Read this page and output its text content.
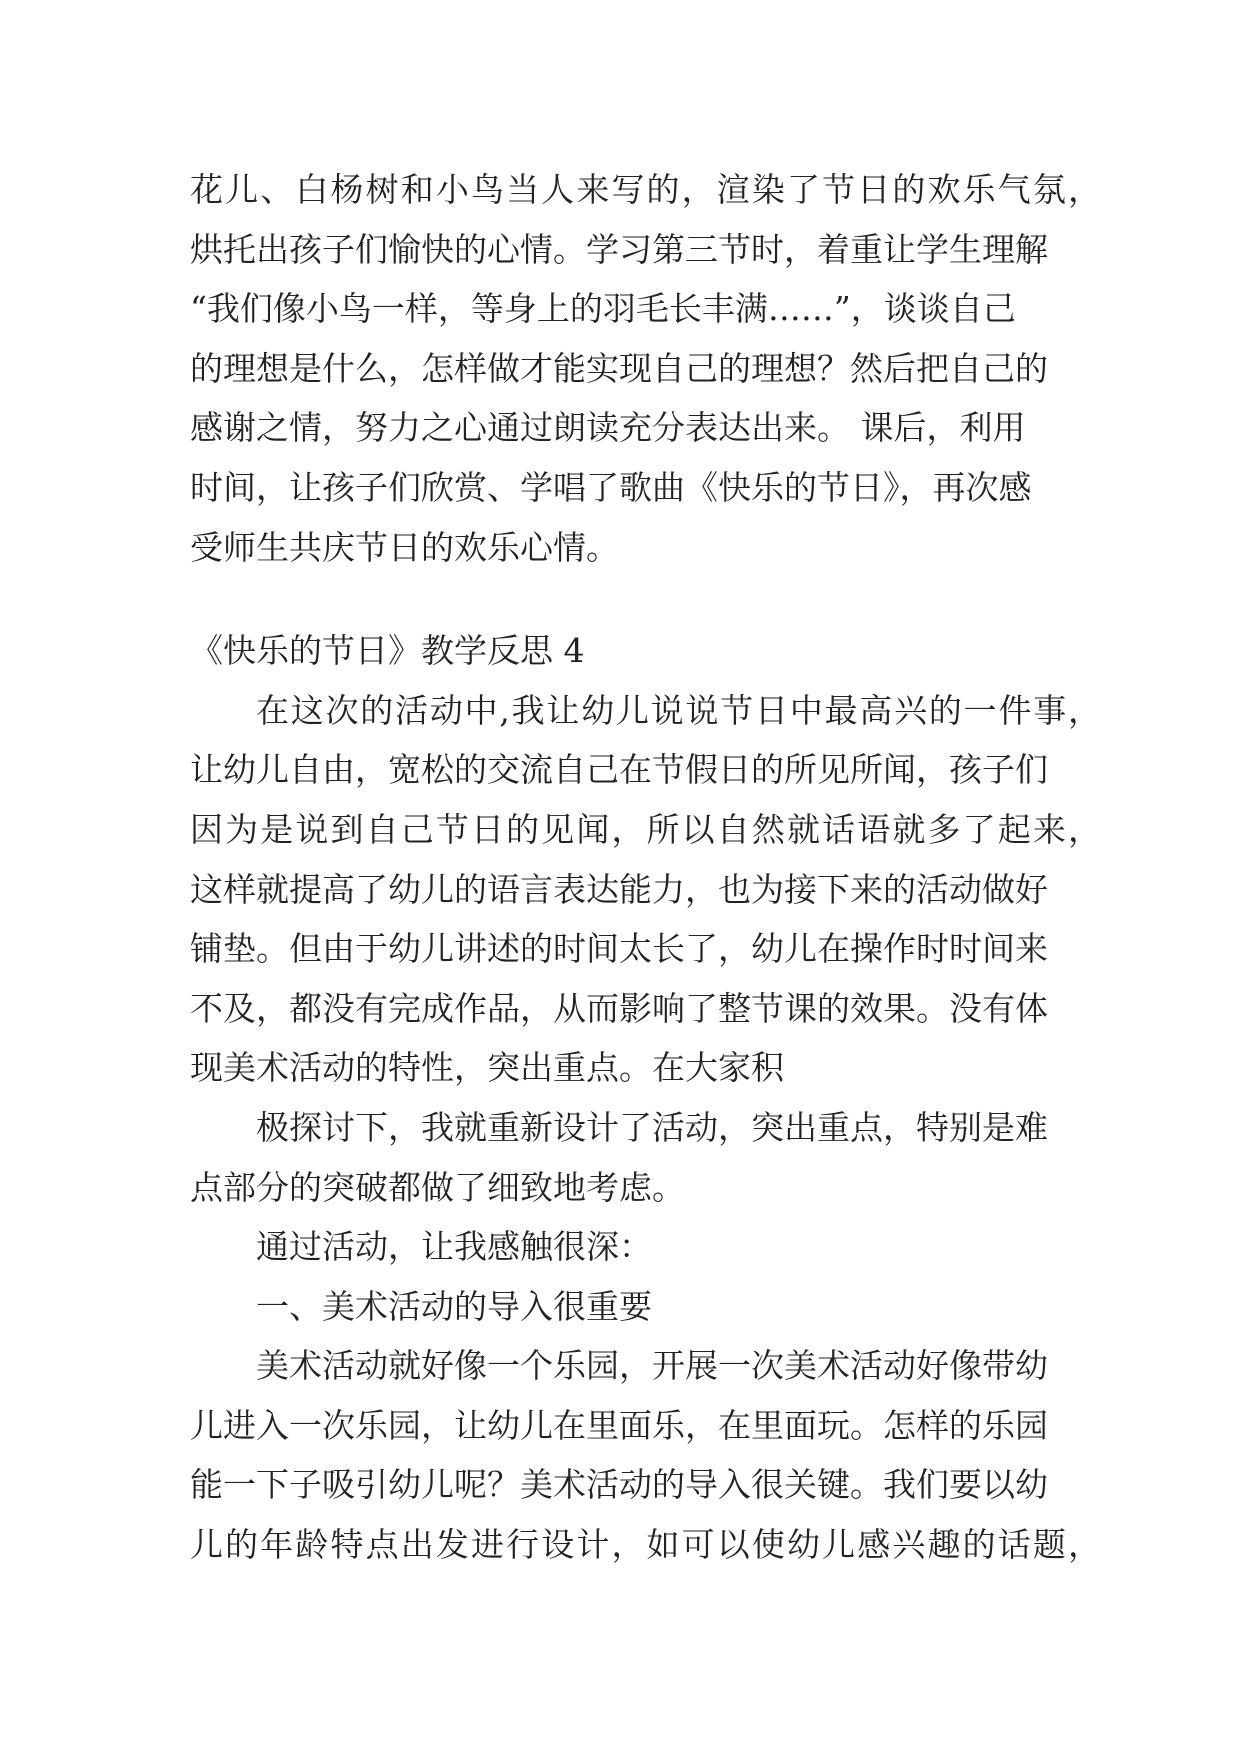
花儿、白杨树和小鸟当人来写的，渲染了节日的欢乐气氛，
烘托出孩子们愉快的心情。学习第三节时，着重让学生理解
“我们像小鸟一样，等身上的羽毛长丰满……”，谈谈自己
的理想是什么，怎样做才能实现自己的理想？然后把自己的
感谢之情，努力之心通过朗读充分表达出来。 课后，利用
时间，让孩子们欣赏、学唱了歌曲《快乐的节日》，再次感
受师生共庆节日的欢乐心情。
《快乐的节日》教学反思 4
在这次的活动中,我让幼儿说说节日中最高兴的一件事，
让幼儿自由，宽松的交流自己在节假日的所见所闻，孩子们
因为是说到自己节日的见闻，所以自然就话语就多了起来，
这样就提高了幼儿的语言表达能力，也为接下来的活动做好
铺垫。但由于幼儿讲述的时间太长了，幼儿在操作时时间来
不及，都没有完成作品，从而影响了整节课的效果。没有体
现美术活动的特性，突出重点。在大家积
极探讨下，我就重新设计了活动，突出重点，特别是难
点部分的突破都做了细致地考虑。
通过活动，让我感触很深：
一、美术活动的导入很重要
美术活动就好像一个乐园，开展一次美术活动好像带幼
儿进入一次乐园，让幼儿在里面乐，在里面玩。怎样的乐园
能一下子吸引幼儿呢？美术活动的导入很关键。我们要以幼
儿的年龄特点出发进行设计，如可以使幼儿感兴趣的话题，
